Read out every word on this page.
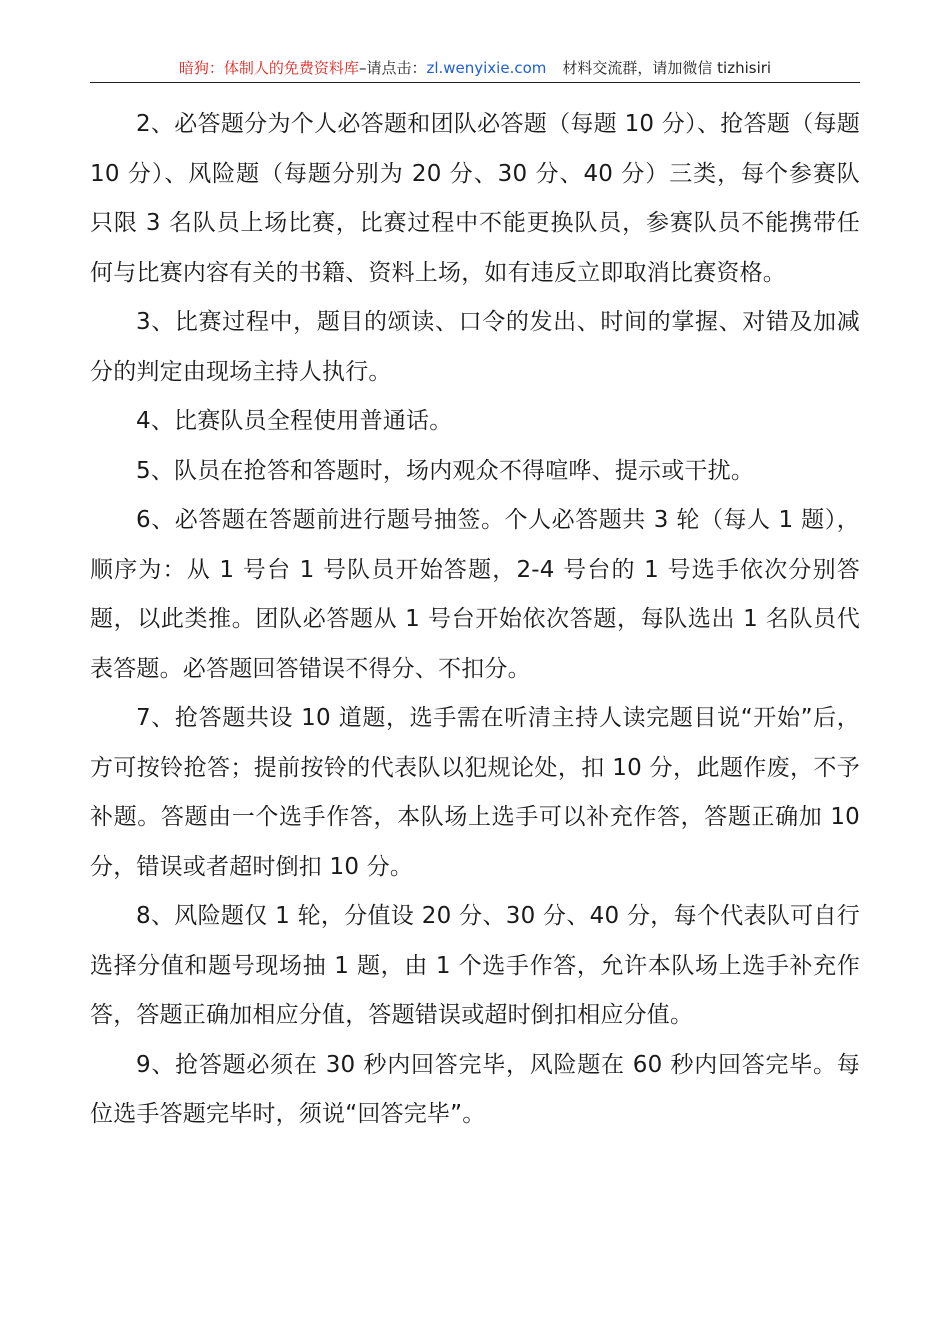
暗狗：体制人的免费资料库–请点击：zl.wenyixie.com 材料交流群，请加微信 tizhisiri

2、必答题分为个人必答题和团队必答题（每题 10 分）、抢答题（每题 10 分）、风险题（每题分别为 20 分、30 分、40 分）三类，每个参赛队只限 3 名队员上场比赛，比赛过程中不能更换队员，参赛队员不能携带任何与比赛内容有关的书籍、资料上场，如有违反立即取消比赛资格。

3、比赛过程中，题目的颂读、口令的发出、时间的掌握、对错及加减分的判定由现场主持人执行。

4、比赛队员全程使用普通话。

5、队员在抢答和答题时，场内观众不得喧哗、提示或干扰。

6、必答题在答题前进行题号抽签。个人必答题共 3 轮（每人 1 题），顺序为：从 1 号台 1 号队员开始答题，2-4 号台的 1 号选手依次分别答题，以此类推。团队必答题从 1 号台开始依次答题，每队选出 1 名队员代表答题。必答题回答错误不得分、不扣分。

7、抢答题共设 10 道题，选手需在听清主持人读完题目说“开始”后，方可按铃抢答；提前按铃的代表队以犯规论处，扣 10 分，此题作废，不予补题。答题由一个选手作答，本队场上选手可以补充作答，答题正确加 10 分，错误或者超时倒扣 10 分。

8、风险题仅 1 轮，分值设 20 分、30 分、40 分，每个代表队可自行选择分值和题号现场抽 1 题，由 1 个选手作答，允许本队场上选手补充作答，答题正确加相应分值，答题错误或超时倒扣相应分值。

9、抢答题必须在 30 秒内回答完毕，风险题在 60 秒内回答完毕。每位选手答题完毕时，须说“回答完毕”。
